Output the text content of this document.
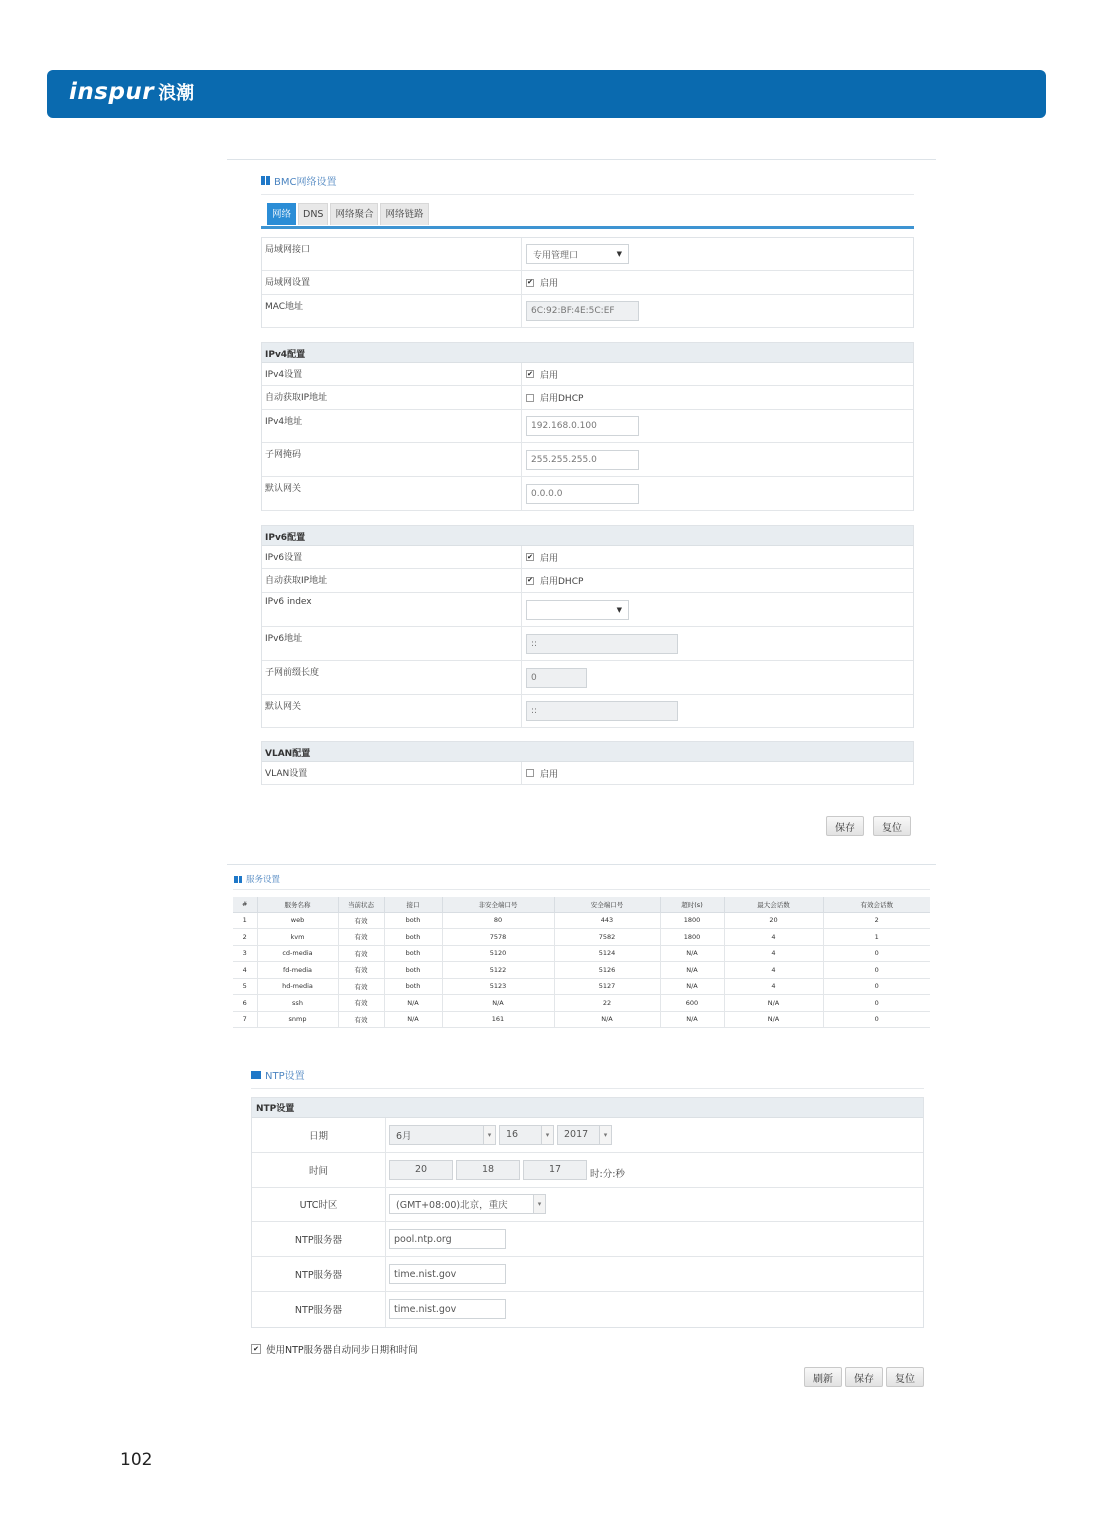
inspur 浪潮
BMC网络设置
网络	DNS	网络聚合	网络链路
局域网接口
专用管理口	▼
局域网设置	✔ 启用
MAC地址	6C:92:BF:4E:5C:EF
IPv4配置
IPv4设置	✔ 启用
自动获取IP地址	启用DHCP
IPv4地址	192.168.0.100
子网掩码	255.255.255.0
默认网关	0.0.0.0
IPv6配置
IPv6设置	✔ 启用
自动获取IP地址	✔ 启用DHCP
IPv6 index
▼
IPv6地址	::
子网前缀长度	0
默认网关	::
VLAN配置
VLAN设置	启用
保存	复位
服务设置
#	服务名称	当前状态	接口	非安全端口号	安全端口号	超时(s)	最大会话数	有效会话数
1	web	有效	both	80	443	1800	20	2
2	kvm	有效	both	7578	7582	1800	4	1
3	cd-media	有效	both	5120	5124	N/A	4	0
4	fd-media	有效	both	5122	5126	N/A	4	0
5	hd-media	有效	both	5123	5127	N/A	4	0
6	ssh	有效	N/A	N/A	22	600	N/A	0
7	snmp	有效	N/A	161	N/A	N/A	N/A	0
NTP设置
NTP设置
日期	6月	▾	16	▾	2017	▾
时间	20	18	17	时:分:秒
UTC时区	(GMT+08:00)北京，重庆	▾
NTP服务器	pool.ntp.org
NTP服务器	time.nist.gov
NTP服务器	time.nist.gov
✔ 使用NTP服务器自动同步日期和时间
刷新	保存	复位
102
